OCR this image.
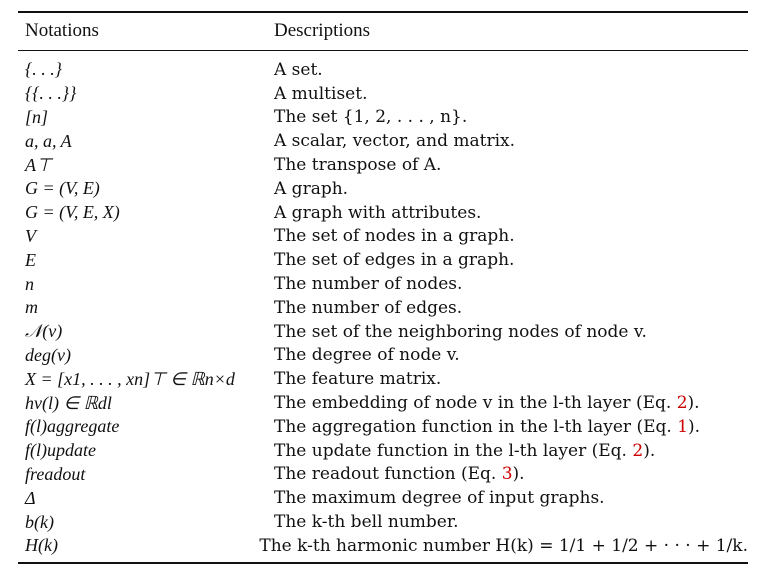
Notations	Descriptions
{. . .}	A set.
{{. . .}}	A multiset.
[n]	The set {1, 2, . . . , n}.
a, a, A	A scalar, vector, and matrix.
A⊤	The transpose of A.
G = (V, E)	A graph.
G = (V, E, X)	A graph with attributes.
V	The set of nodes in a graph.
E	The set of edges in a graph.
n	The number of nodes.
m	The number of edges.
𝒩(v)	The set of the neighboring nodes of node v.
deg(v)	The degree of node v.
X = [x1, . . . , xn]⊤ ∈ ℝn×d	The feature matrix.
hv(l) ∈ ℝdl	The embedding of node v in the l-th layer (Eq. 2).
f(l)aggregate	The aggregation function in the l-th layer (Eq. 1).
f(l)update	The update function in the l-th layer (Eq. 2).
freadout	The readout function (Eq. 3).
Δ	The maximum degree of input graphs.
b(k)	The k-th bell number.
H(k)	The k-th harmonic number H(k) = 1/1 + 1/2 + · · · + 1/k.
